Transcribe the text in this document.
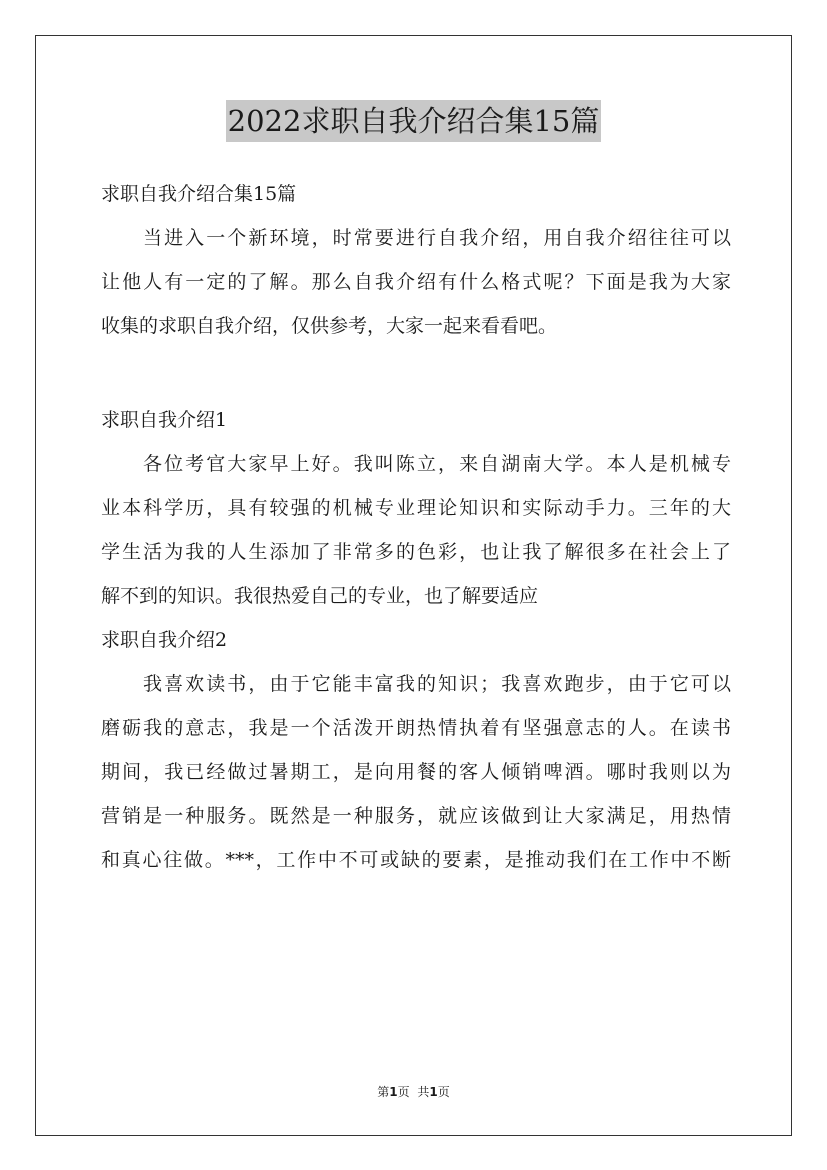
2022求职自我介绍合集15篇

求职自我介绍合集15篇

当进入一个新环境，时常要进行自我介绍，用自我介绍往往可以

让他人有一定的了解。那么自我介绍有什么格式呢？下面是我为大家

收集的求职自我介绍，仅供参考，大家一起来看看吧。

求职自我介绍1

各位考官大家早上好。我叫陈立，来自湖南大学。本人是机械专

业本科学历，具有较强的机械专业理论知识和实际动手力。三年的大

学生活为我的人生添加了非常多的色彩，也让我了解很多在社会上了

解不到的知识。我很热爱自己的专业，也了解要适应

求职自我介绍2

我喜欢读书，由于它能丰富我的知识；我喜欢跑步，由于它可以

磨砺我的意志，我是一个活泼开朗热情执着有坚强意志的人。在读书

期间，我已经做过暑期工，是向用餐的客人倾销啤酒。哪时我则以为

营销是一种服务。既然是一种服务，就应该做到让大家满足，用热情

和真心往做。***，工作中不可或缺的要素，是推动我们在工作中不断

第1页 共1页
